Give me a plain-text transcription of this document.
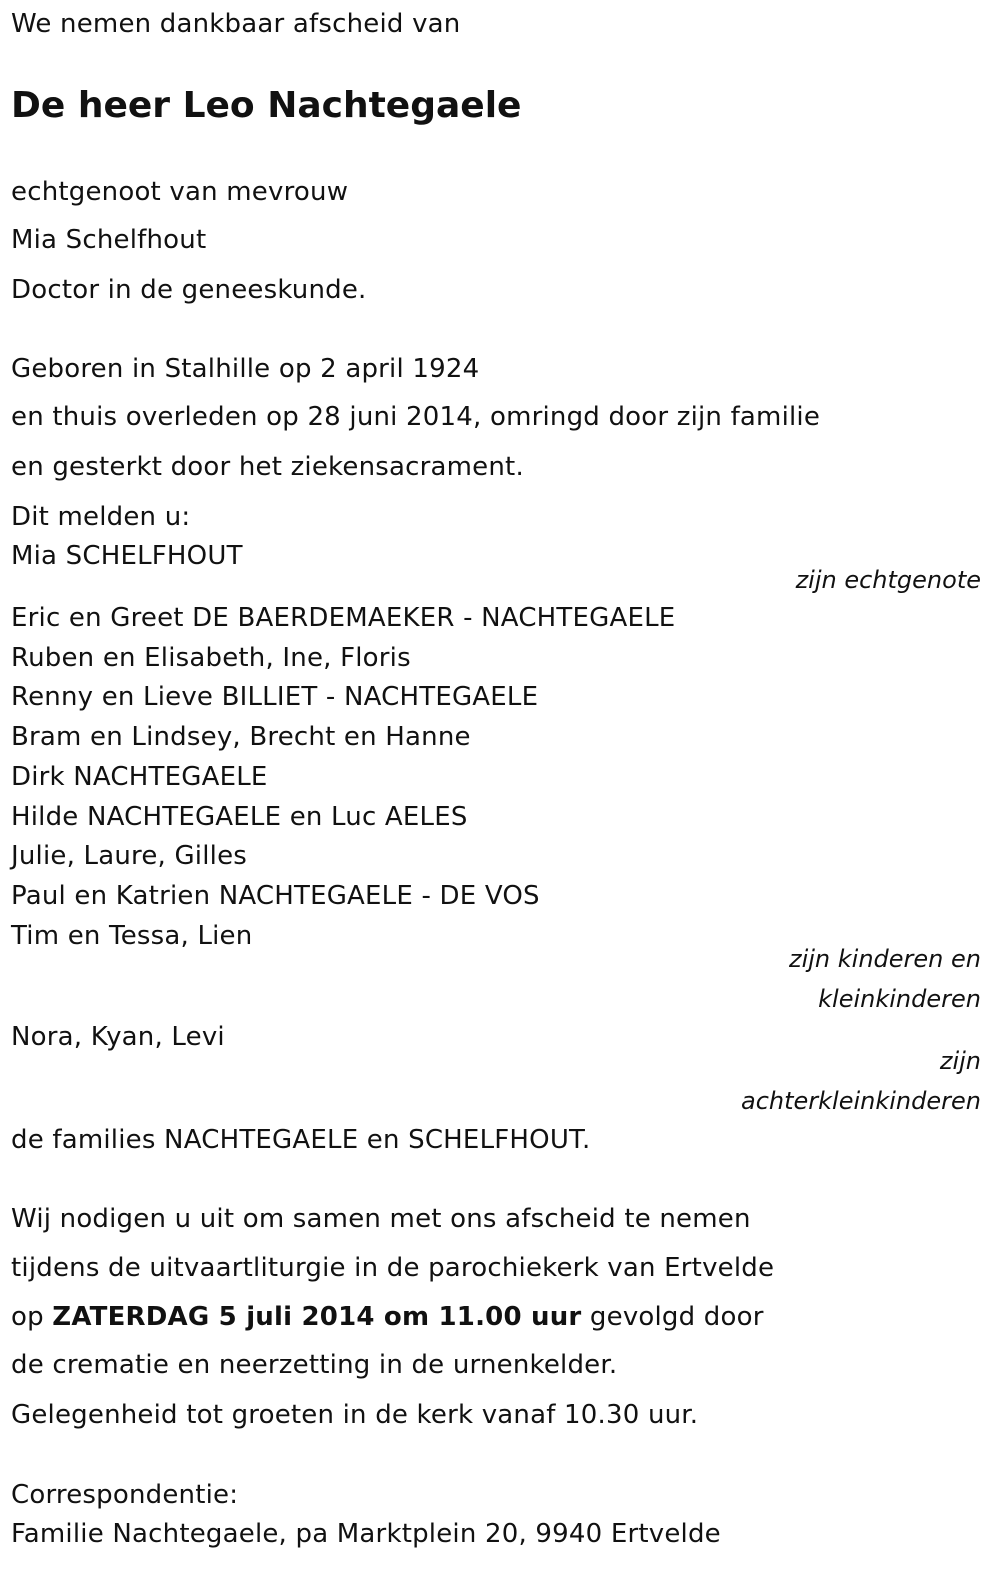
We nemen dankbaar afscheid van
De heer Leo Nachtegaele
echtgenoot van mevrouw
Mia Schelfhout
Doctor in de geneeskunde.
Geboren in Stalhille op 2 april 1924
en thuis overleden op 28 juni 2014, omringd door zijn familie
en gesterkt door het ziekensacrament.
Dit melden u:
Mia SCHELFHOUT
zijn echtgenote
Eric en Greet DE BAERDEMAEKER - NACHTEGAELE
Ruben en Elisabeth, Ine, Floris
Renny en Lieve BILLIET - NACHTEGAELE
Bram en Lindsey, Brecht en Hanne
Dirk NACHTEGAELE
Hilde NACHTEGAELE en Luc AELES
Julie, Laure, Gilles
Paul en Katrien NACHTEGAELE - DE VOS
Tim en Tessa, Lien
zijn kinderen en
kleinkinderen
Nora, Kyan, Levi
zijn
achterkleinkinderen
de families NACHTEGAELE en SCHELFHOUT.
Wij nodigen u uit om samen met ons afscheid te nemen
tijdens de uitvaartliturgie in de parochiekerk van Ertvelde
op ZATERDAG 5 juli 2014 om 11.00 uur gevolgd door
de crematie en neerzetting in de urnenkelder.
Gelegenheid tot groeten in de kerk vanaf 10.30 uur.
Correspondentie:
Familie Nachtegaele, pa Marktplein 20, 9940 Ertvelde
